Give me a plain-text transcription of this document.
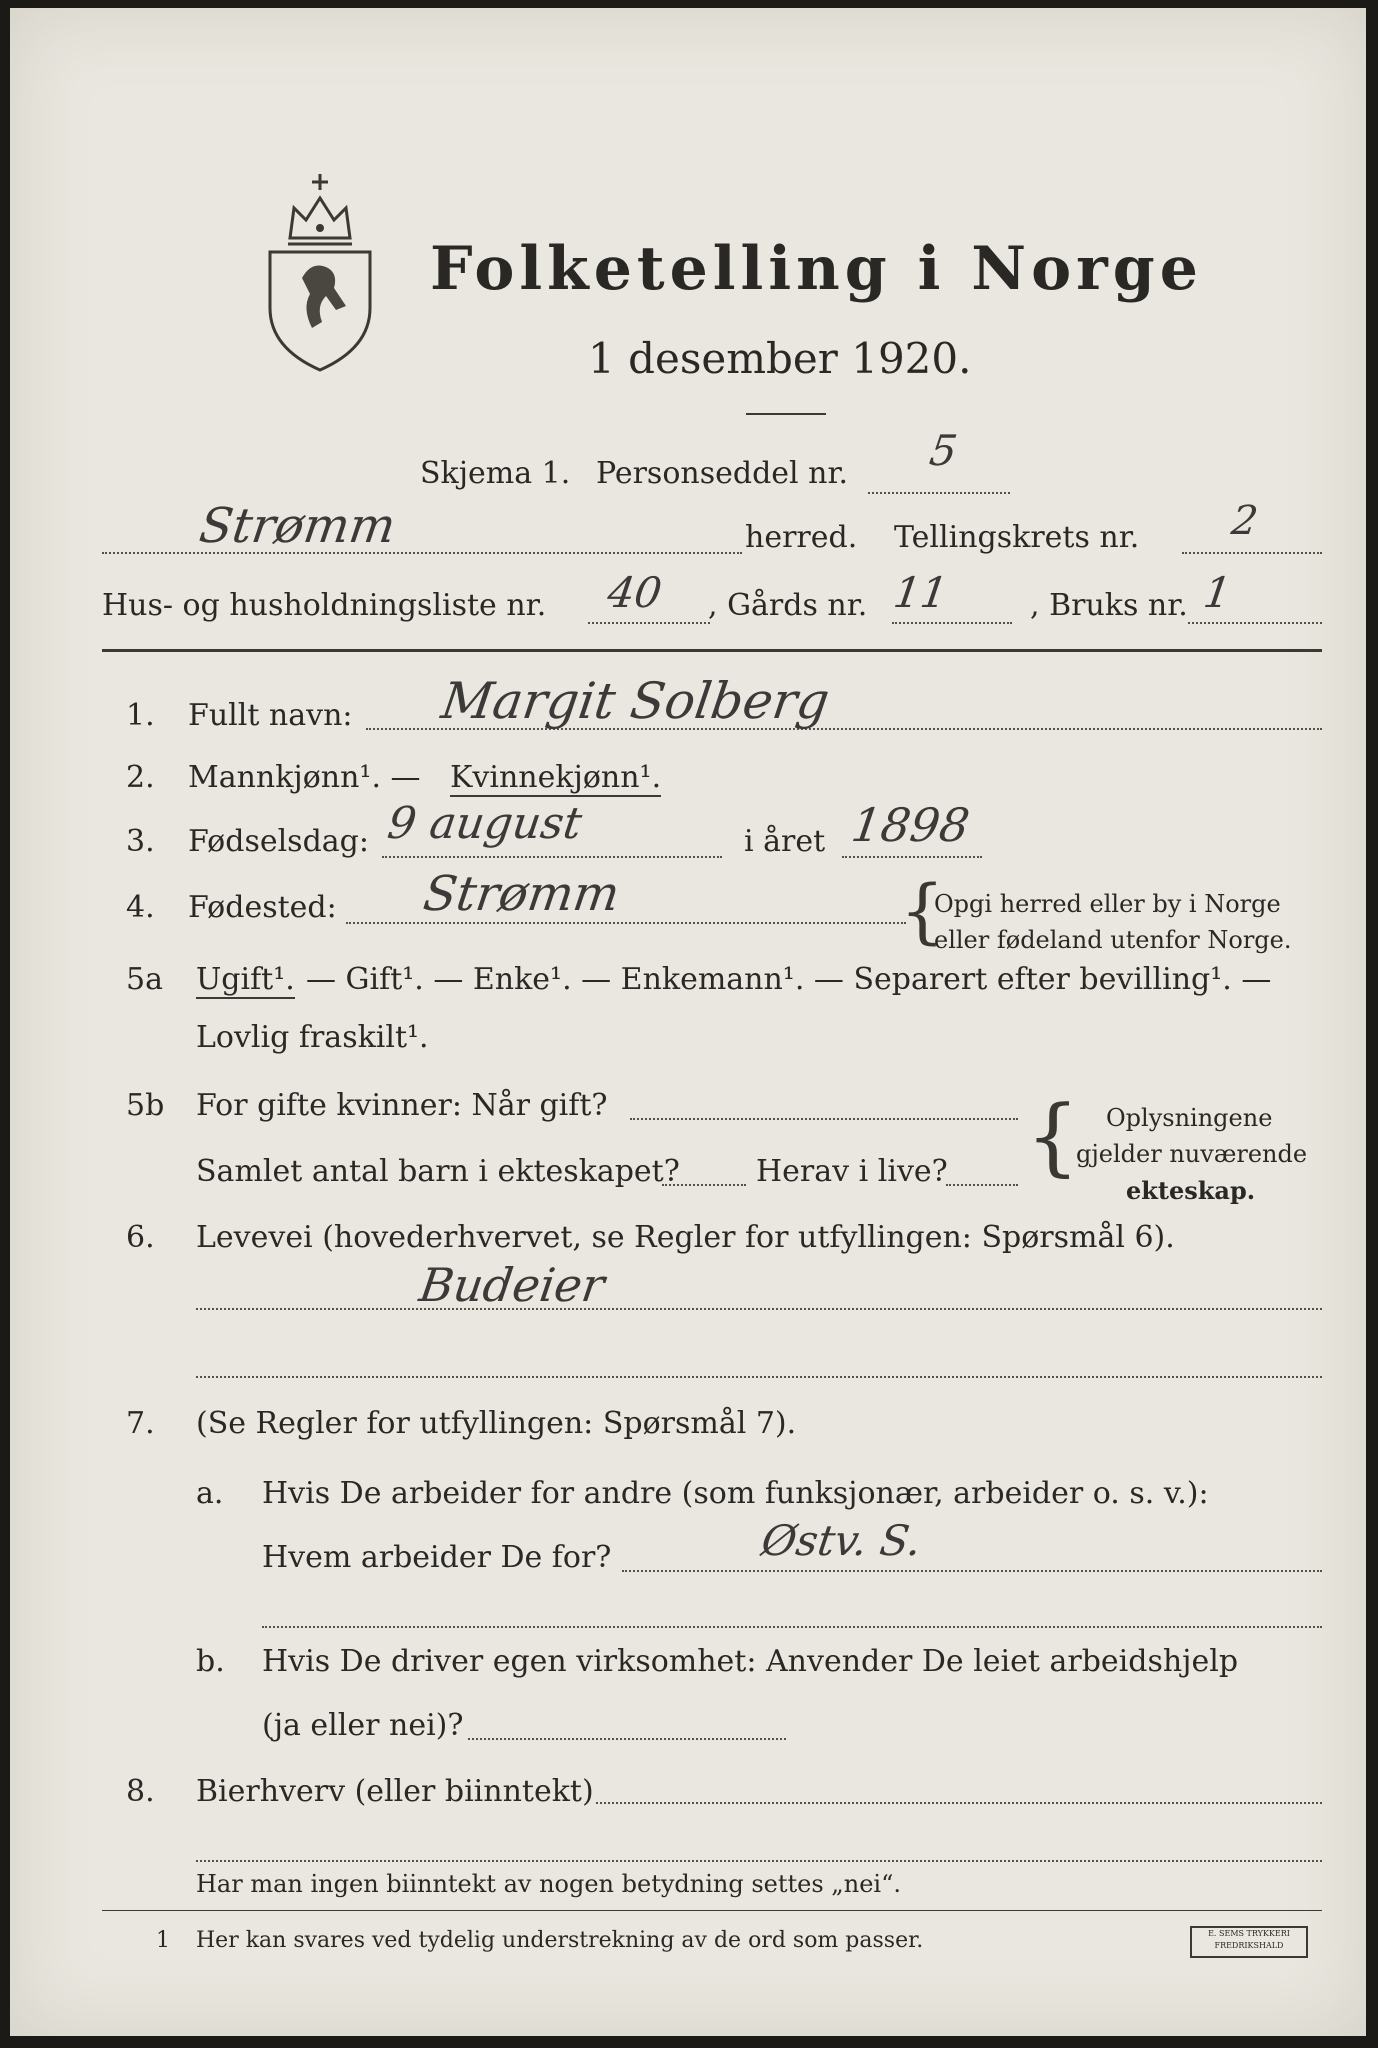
Folketelling i Norge
1 desember 1920.
Skjema 1. Personseddel nr. 5
Strømm	herred. Tellingskrets nr. 2
Hus- og husholdningsliste nr. 40 , Gårds nr. 11	, Bruks nr. 1
1. Fullt navn: Margit Solberg
2. Mannkjønn¹. — Kvinnekjønn¹.
3. Fødselsdag: 9 august	i året 1898
4. Fødested: Strømm	{
Opgi herred eller by i Norge
eller fødeland utenfor Norge.
5a Ugift¹. — Gift¹. — Enke¹. — Enkemann¹. — Separert efter bevilling¹. —
Lovlig fraskilt¹.
5b For gifte kvinner: Når gift?
Samlet antal barn i ekteskapet?	Herav i live? { Oplysningene
gjelder nuværende
ekteskap.
6. Levevei (hovederhvervet, se Regler for utfyllingen: Spørsmål 6).
Budeier
7. (Se Regler for utfyllingen: Spørsmål 7).
a. Hvis De arbeider for andre (som funksjonær, arbeider o. s. v.):
Hvem arbeider De for?	Østv. S.
b. Hvis De driver egen virksomhet: Anvender De leiet arbeidshjelp
(ja eller nei)?
8. Bierhverv (eller biinntekt)
Har man ingen biinntekt av nogen betydning settes „nei“.
1 Her kan svares ved tydelig understrekning av de ord som passer.	E. SEMS TRYKKERI FREDRIKSHALD
